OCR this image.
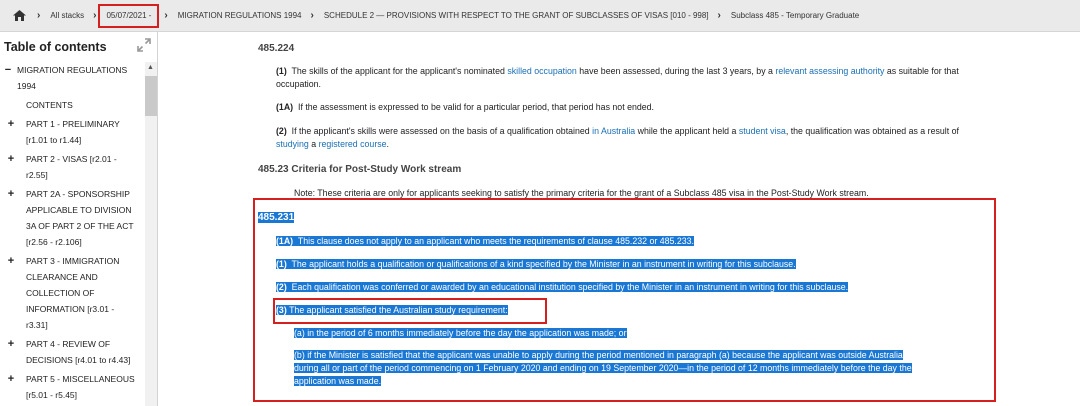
› All stacks ›	05/07/2021 -	› MIGRATION REGULATIONS 1994 › SCHEDULE 2 — PROVISIONS WITH RESPECT TO THE GRANT OF SUBCLASSES OF VISAS [010 - 998] › Subclass 485 - Temporary Graduate
Table of contents
− MIGRATION REGULATIONS
1994
CONTENTS
+ PART 1 - PRELIMINARY
[r1.01 to r1.44]
+ PART 2 - VISAS [r2.01 -
r2.55]
+ PART 2A - SPONSORSHIP
APPLICABLE TO DIVISION
3A OF PART 2 OF THE ACT
[r2.56 - r2.106]
+ PART 3 - IMMIGRATION
CLEARANCE AND
COLLECTION OF
INFORMATION [r3.01 -
r3.31]
+ PART 4 - REVIEW OF
DECISIONS [r4.01 to r4.43]
+ PART 5 - MISCELLANEOUS
[r5.01 - r5.45]
▲
485.224
(1) The skills of the applicant for the applicant's nominated skilled occupation have been assessed, during the last 3 years, by a relevant assessing authority as suitable for that occupation.
(1A) If the assessment is expressed to be valid for a particular period, that period has not ended.
(2) If the applicant's skills were assessed on the basis of a qualification obtained in Australia while the applicant held a student visa, the qualification was obtained as a result of studying a registered course.
485.23 Criteria for Post-Study Work stream
Note: These criteria are only for applicants seeking to satisfy the primary criteria for the grant of a Subclass 485 visa in the Post-Study Work stream.
485.231
(1A) This clause does not apply to an applicant who meets the requirements of clause 485.232 or 485.233.
(1) The applicant holds a qualification or qualifications of a kind specified by the Minister in an instrument in writing for this subclause.
(2) Each qualification was conferred or awarded by an educational institution specified by the Minister in an instrument in writing for this subclause.
(3) The applicant satisfied the Australian study requirement:
(a) in the period of 6 months immediately before the day the application was made; or
(b) if the Minister is satisfied that the applicant was unable to apply during the period mentioned in paragraph (a) because the applicant was outside Australia
during all or part of the period commencing on 1 February 2020 and ending on 19 September 2020—in the period of 12 months immediately before the day the
application was made.
